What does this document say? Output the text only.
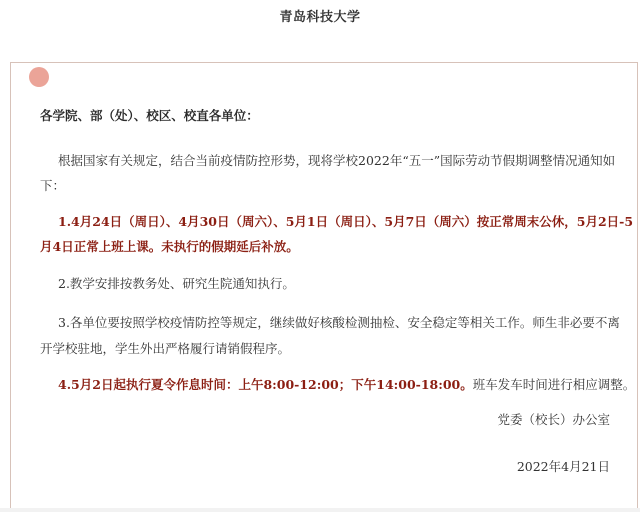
青岛科技大学

各学院、部（处）、校区、校直各单位：

根据国家有关规定，结合当前疫情防控形势，现将学校2022年“五一”国际劳动节假期调整情况通知如

下：

1.4月24日（周日）、4月30日（周六）、5月1日（周日）、5月7日（周六）按正常周末公休，5月2日-5

月4日正常上班上课。未执行的假期延后补放。

2.教学安排按教务处、研究生院通知执行。

3.各单位要按照学校疫情防控等规定，继续做好核酸检测抽检、安全稳定等相关工作。师生非必要不离

开学校驻地，学生外出严格履行请销假程序。

4.5月2日起执行夏令作息时间：上午8:00-12:00；下午14:00-18:00。班车发车时间进行相应调整。

党委（校长）办公室

2022年4月21日
